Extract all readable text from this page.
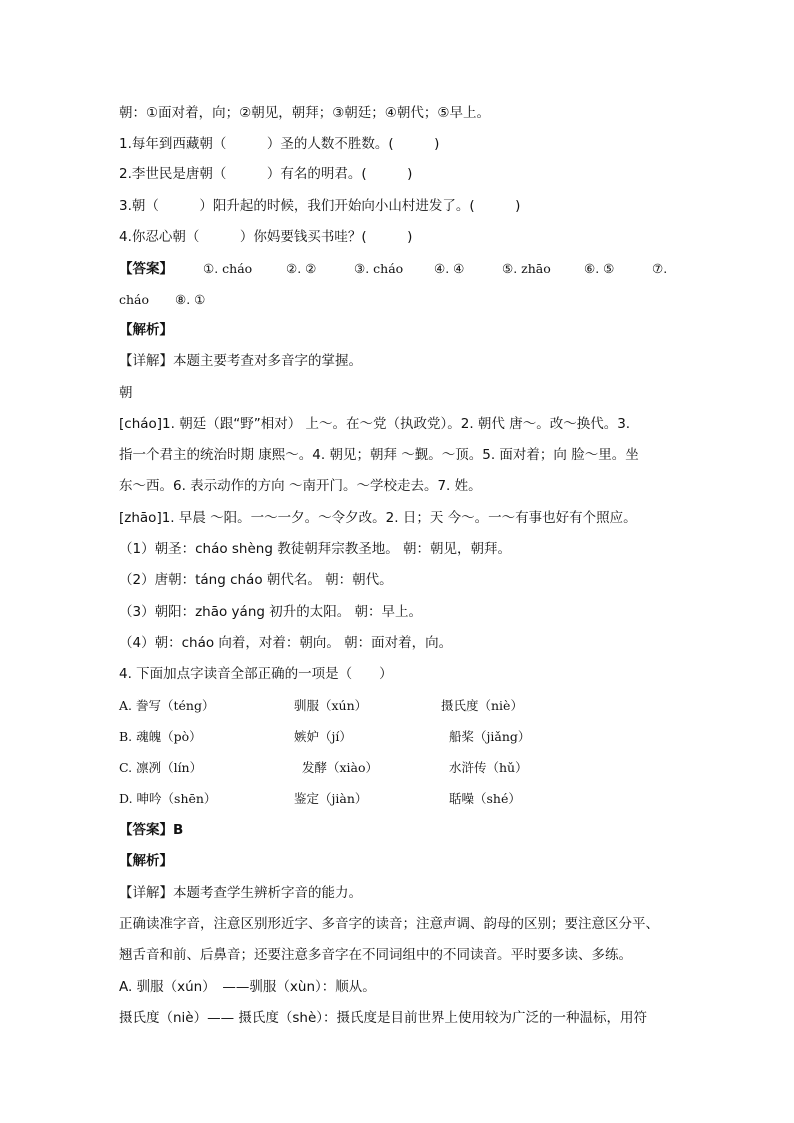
朝：①面对着，向；②朝见，朝拜；③朝廷；④朝代；⑤早上。
1.每年到西藏朝（　　　）圣的人数不胜数。(　　　)
2.李世民是唐朝（　　　）有名的明君。(　　　)
3.朝（　　　）阳升起的时候，我们开始向小山村进发了。(　　　)
4.你忍心朝（　　　）你妈要钱买书哇？(　　　)
【答案】 ①. cháo	②. ②	③. cháo ④. ④	⑤. zhāo	⑥. ⑤	⑦.
cháo ⑧. ①
【解析】
【详解】本题主要考查对多音字的掌握。
朝
[cháo]1. 朝廷（跟“野”相对） 上～。在～党（执政党）。2. 朝代 唐～。改～换代。3.
指一个君主的统治时期 康熙～。4. 朝见；朝拜 ～觐。～顶。5. 面对着；向 脸～里。坐
东～西。6. 表示动作的方向 ～南开门。～学校走去。7. 姓。
[zhāo]1. 早晨 ～阳。一～一夕。～令夕改。2. 日；天 今～。一～有事也好有个照应。
（1）朝圣：cháo shèng 教徒朝拜宗教圣地。 朝：朝见，朝拜。
（2）唐朝：táng cháo 朝代名。 朝：朝代。
（3）朝阳：zhāo yáng 初升的太阳。 朝：早上。
（4）朝：cháo 向着，对着：朝向。 朝：面对着，向。
4. 下面加点字读音全部正确的一项是（　　）
A. 誊写（téng）	驯服（xún）	摄氏度（niè）
B. 魂魄（pò）	嫉妒（jí）	船桨（jiǎng）
C. 凛冽（lín）	发酵（xiào）	水浒传（hǔ）
D. 呻吟（shēn）	鉴定（jiàn）	聒噪（shé）
【答案】B
【解析】
【详解】本题考查学生辨析字音的能力。
正确读准字音，注意区别形近字、多音字的读音；注意声调、韵母的区别；要注意区分平、
翘舌音和前、后鼻音；还要注意多音字在不同词组中的不同读音。平时要多读、多练。
A. 驯服（xún）　——驯服（xùn）：顺从。
摄氏度（niè）—— 摄氏度（shè）：摄氏度是目前世界上使用较为广泛的一种温标，用符
